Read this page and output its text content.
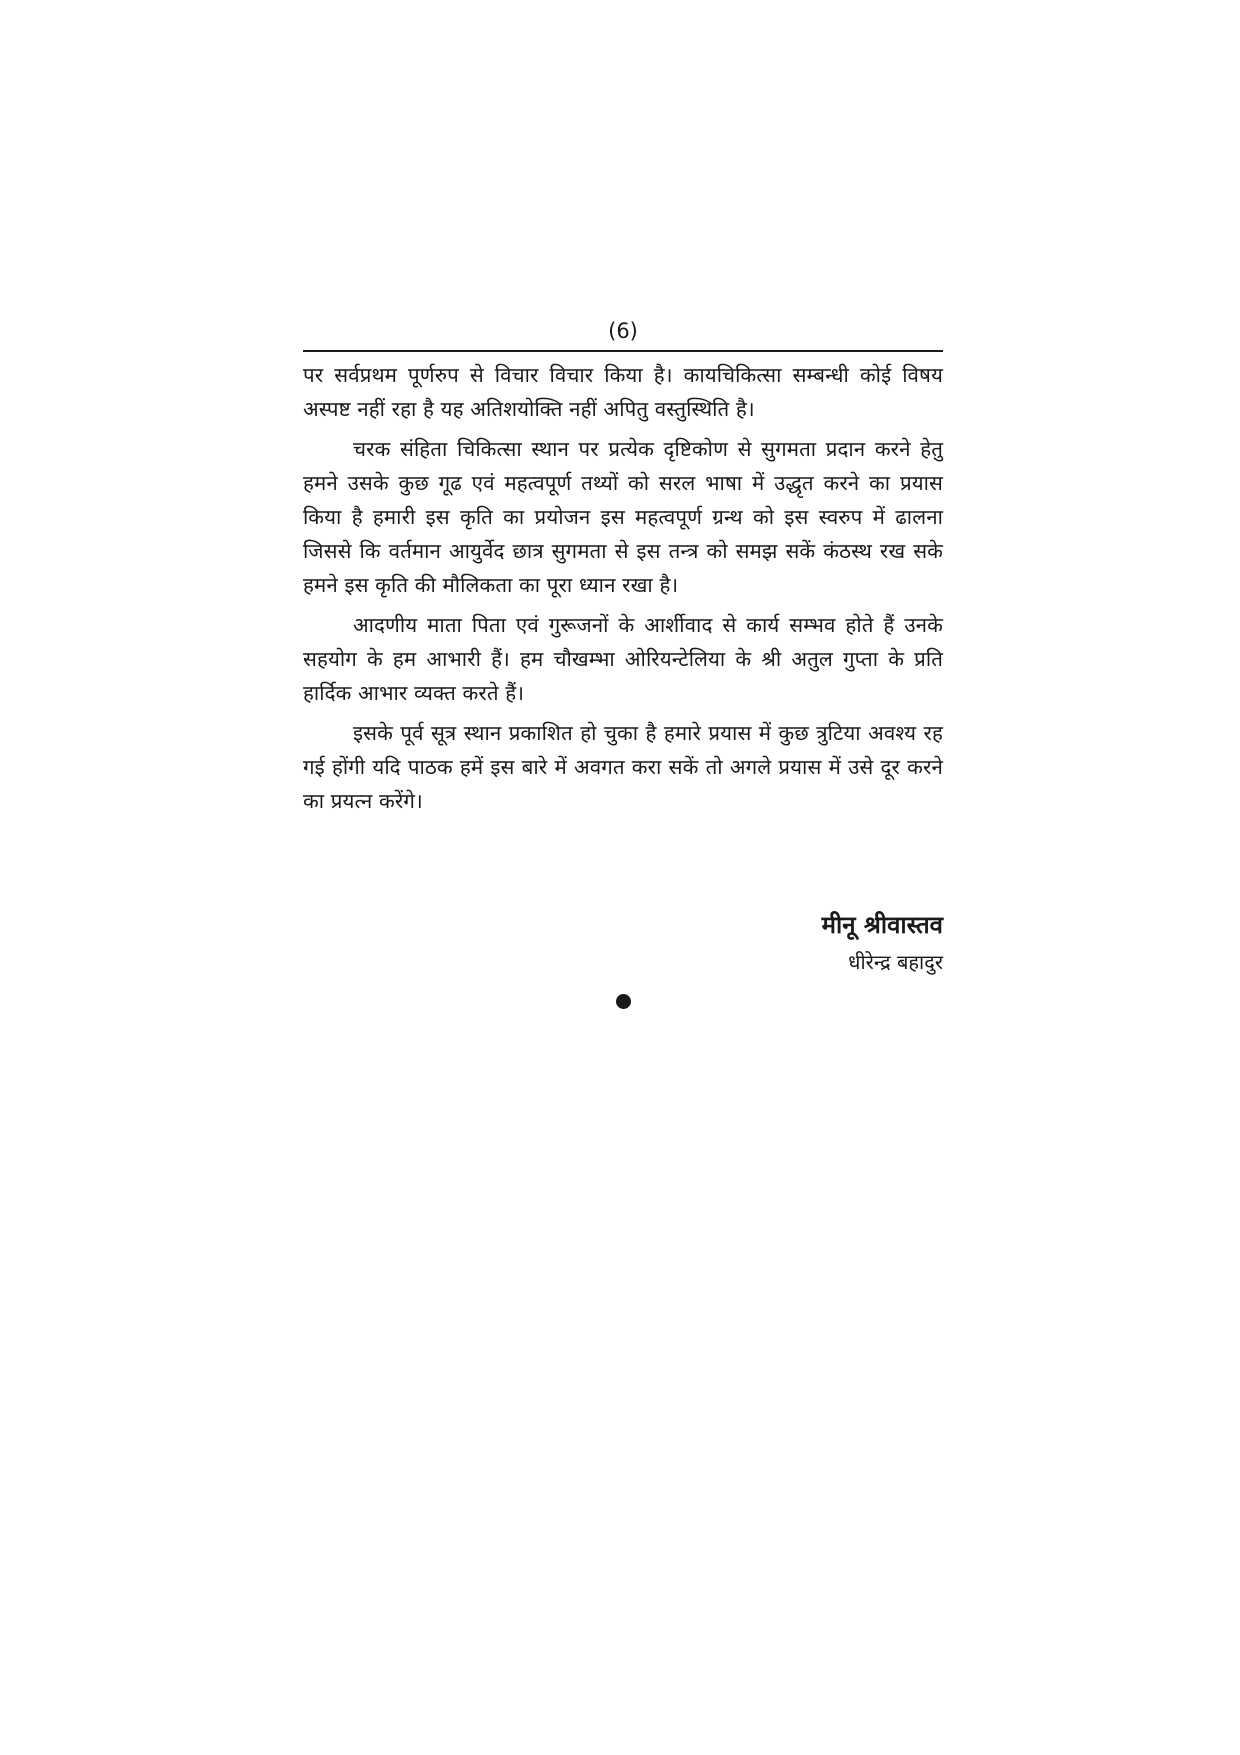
(6)

पर सर्वप्रथम पूर्णरुप से विचार विचार किया है। कायचिकित्सा सम्बन्धी कोई विषय अस्पष्ट नहीं रहा है यह अतिशयोक्ति नहीं अपितु वस्तुस्थिति है।

चरक संहिता चिकित्सा स्थान पर प्रत्येक दृष्टिकोण से सुगमता प्रदान करने हेतु हमने उसके कुछ गूढ एवं महत्वपूर्ण तथ्यों को सरल भाषा में उद्धृत करने का प्रयास किया है हमारी इस कृति का प्रयोजन इस महत्वपूर्ण ग्रन्थ को इस स्वरुप में ढालना जिससे कि वर्तमान आयुर्वेद छात्र सुगमता से इस तन्त्र को समझ सकें कंठस्थ रख सके हमने इस कृति की मौलिकता का पूरा ध्यान रखा है।

आदणीय माता पिता एवं गुरूजनों के आर्शीवाद से कार्य सम्भव होते हैं उनके सहयोग के हम आभारी हैं। हम चौखम्भा ओरियन्टेलिया के श्री अतुल गुप्ता के प्रति हार्दिक आभार व्यक्त करते हैं।

इसके पूर्व सूत्र स्थान प्रकाशित हो चुका है हमारे प्रयास में कुछ त्रुटिया अवश्य रह गई होंगी यदि पाठक हमें इस बारे में अवगत करा सकें तो अगले प्रयास में उसे दूर करने का प्रयत्न करेंगे।

मीनू श्रीवास्तव

धीरेन्द्र बहादुर
